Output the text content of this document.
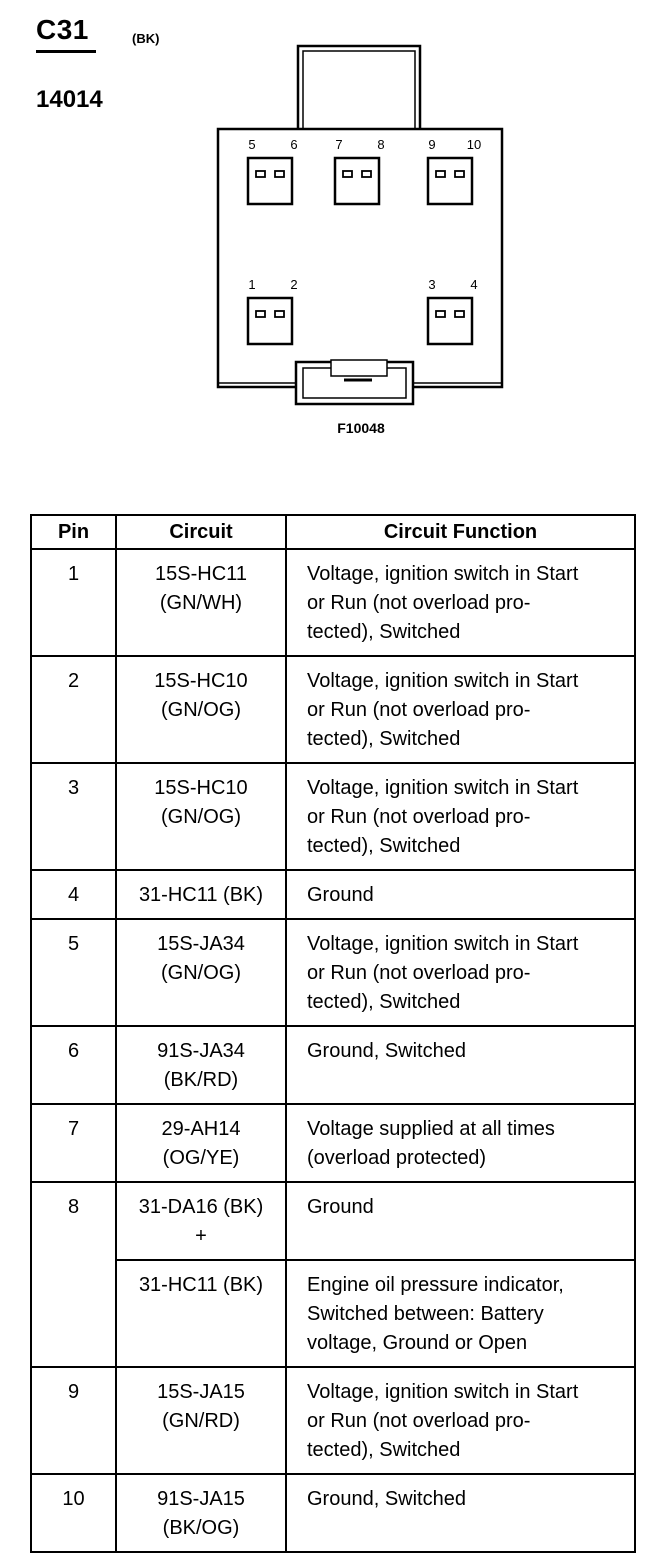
C31	(BK)
14014
5	6	7	8	9 10
1	2	3	4
F10048
Pin	Circuit	Circuit Function
1	15S-HC11
(GN/WH)	Voltage, ignition switch in Start
or Run (not overload pro-
tected), Switched
2	15S-HC10
(GN/OG)	Voltage, ignition switch in Start
or Run (not overload pro-
tected), Switched
3	15S-HC10
(GN/OG)	Voltage, ignition switch in Start
or Run (not overload pro-
tected), Switched
4	31-HC11 (BK)	Ground
5	15S-JA34
(GN/OG)	Voltage, ignition switch in Start
or Run (not overload pro-
tected), Switched
6	91S-JA34
(BK/RD)	Ground, Switched
7	29-AH14
(OG/YE)	Voltage supplied at all times
(overload protected)
8	31-DA16 (BK)
+	Ground
	31-HC11 (BK)	Engine oil pressure indicator,
Switched between: Battery
voltage, Ground or Open
9	15S-JA15
(GN/RD)	Voltage, ignition switch in Start
or Run (not overload pro-
tected), Switched
10	91S-JA15
(BK/OG)	Ground, Switched
